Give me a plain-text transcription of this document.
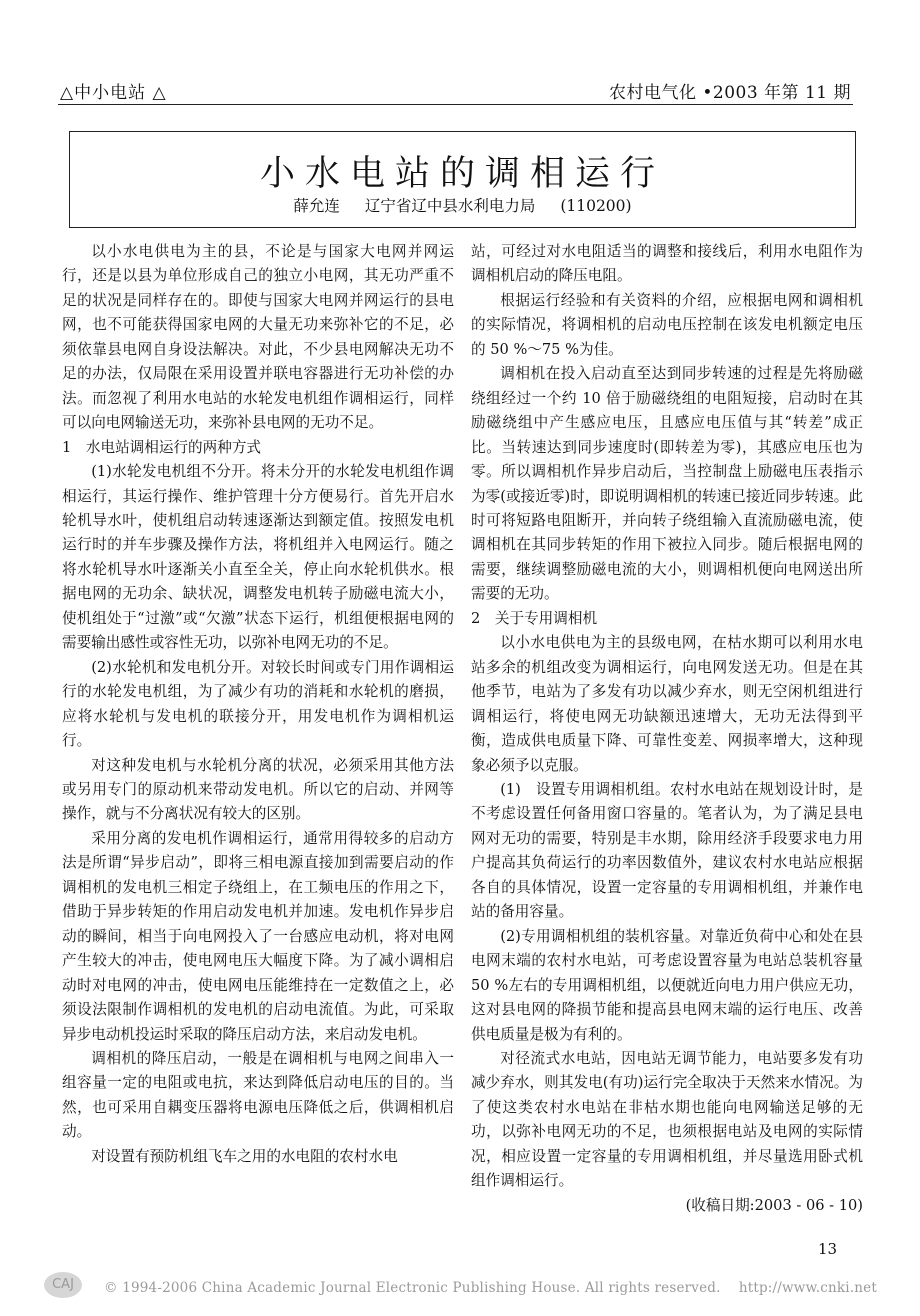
△中小电站 △	农村电气化 •2003 年第 11 期
小水电站的调相运行
薛允连 辽宁省辽中县水利电力局 (110200)

以小水电供电为主的县，不论是与国家大电网并网运行，还是以县为单位形成自己的独立小电网，其无功严重不足的状况是同样存在的。即使与国家大电网并网运行的县电网，也不可能获得国家电网的大量无功来弥补它的不足，必须依靠县电网自身设法解决。对此，不少县电网解决无功不足的办法，仅局限在采用设置并联电容器进行无功补偿的办法。而忽视了利用水电站的水轮发电机组作调相运行，同样可以向电网输送无功，来弥补县电网的无功不足。

1　水电站调相运行的两种方式

(1)水轮发电机组不分开。将未分开的水轮发电机组作调相运行，其运行操作、维护管理十分方便易行。首先开启水轮机导水叶，使机组启动转速逐渐达到额定值。按照发电机运行时的并车步骤及操作方法，将机组并入电网运行。随之将水轮机导水叶逐渐关小直至全关，停止向水轮机供水。根据电网的无功余、缺状况，调整发电机转子励磁电流大小，使机组处于“过激”或“欠激”状态下运行，机组便根据电网的需要输出感性或容性无功，以弥补电网无功的不足。

(2)水轮机和发电机分开。对较长时间或专门用作调相运行的水轮发电机组，为了减少有功的消耗和水轮机的磨损，应将水轮机与发电机的联接分开，用发电机作为调相机运行。

对这种发电机与水轮机分离的状况，必须采用其他方法或另用专门的原动机来带动发电机。所以它的启动、并网等操作，就与不分离状况有较大的区别。

采用分离的发电机作调相运行，通常用得较多的启动方法是所谓“异步启动”，即将三相电源直接加到需要启动的作调相机的发电机三相定子绕组上，在工频电压的作用之下，借助于异步转矩的作用启动发电机并加速。发电机作异步启动的瞬间，相当于向电网投入了一台感应电动机，将对电网产生较大的冲击，使电网电压大幅度下降。为了减小调相启动时对电网的冲击，使电网电压能维持在一定数值之上，必须设法限制作调相机的发电机的启动电流值。为此，可采取异步电动机投运时采取的降压启动方法，来启动发电机。

调相机的降压启动，一般是在调相机与电网之间串入一组容量一定的电阻或电抗，来达到降低启动电压的目的。当然，也可采用自耦变压器将电源电压降低之后，供调相机启动。

对设置有预防机组飞车之用的水电阻的农村水电

站，可经过对水电阻适当的调整和接线后，利用水电阻作为调相机启动的降压电阻。

根据运行经验和有关资料的介绍，应根据电网和调相机的实际情况，将调相机的启动电压控制在该发电机额定电压的 50 %～75 %为佳。

调相机在投入启动直至达到同步转速的过程是先将励磁绕组经过一个约 10 倍于励磁绕组的电阻短接，启动时在其励磁绕组中产生感应电压，且感应电压值与其“转差”成正比。当转速达到同步速度时(即转差为零)，其感应电压也为零。所以调相机作异步启动后，当控制盘上励磁电压表指示为零(或接近零)时，即说明调相机的转速已接近同步转速。此时可将短路电阻断开，并向转子绕组输入直流励磁电流，使调相机在其同步转矩的作用下被拉入同步。随后根据电网的需要，继续调整励磁电流的大小，则调相机便向电网送出所需要的无功。

2　关于专用调相机

以小水电供电为主的县级电网，在枯水期可以利用水电站多余的机组改变为调相运行，向电网发送无功。但是在其他季节，电站为了多发有功以减少弃水，则无空闲机组进行调相运行，将使电网无功缺额迅速增大，无功无法得到平衡，造成供电质量下降、可靠性变差、网损率增大，这种现象必须予以克服。

(1)　设置专用调相机组。农村水电站在规划设计时，是不考虑设置任何备用窗口容量的。笔者认为，为了满足县电网对无功的需要，特别是丰水期，除用经济手段要求电力用户提高其负荷运行的功率因数值外，建议农村水电站应根据各自的具体情况，设置一定容量的专用调相机组，并兼作电站的备用容量。

(2)专用调相机组的装机容量。对靠近负荷中心和处在县电网末端的农村水电站，可考虑设置容量为电站总装机容量 50 %左右的专用调相机组，以便就近向电力用户供应无功，这对县电网的降损节能和提高县电网末端的运行电压、改善供电质量是极为有利的。

对径流式水电站，因电站无调节能力，电站要多发有功减少弃水，则其发电(有功)运行完全取决于天然来水情况。为了使这类农村水电站在非枯水期也能向电网输送足够的无功，以弥补电网无功的不足，也须根据电站及电网的实际情况，相应设置一定容量的专用调相机组，并尽量选用卧式机组作调相运行。

(收稿日期:2003 - 06 - 10)

13
CAJ	© 1994-2006 China Academic Journal Electronic Publishing House. All rights reserved.　 http://www.cnki.net
